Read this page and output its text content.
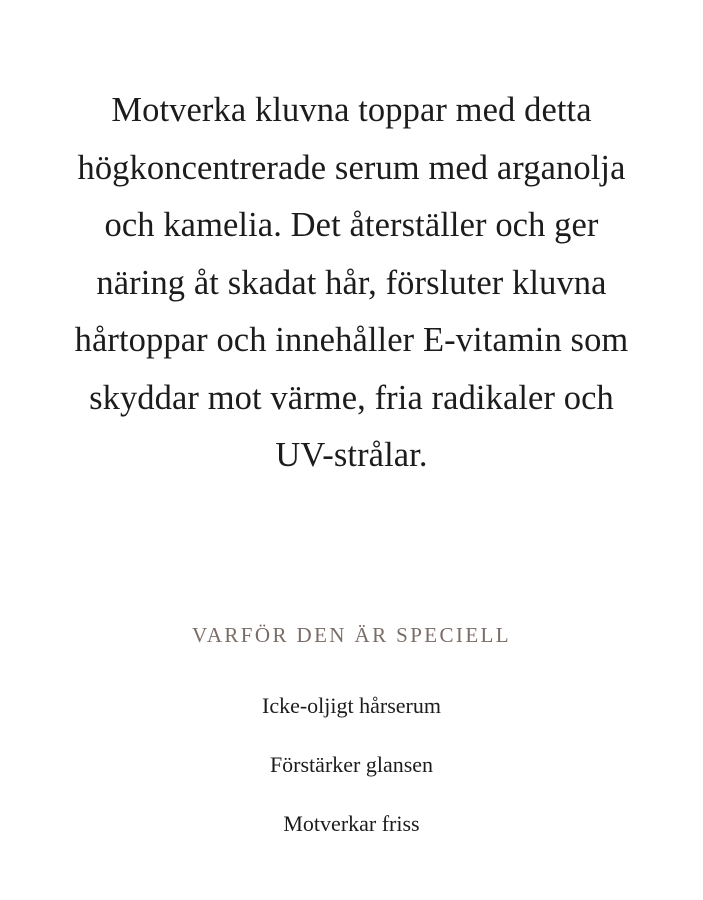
Motverka kluvna toppar med detta högkoncentrerade serum med arganolja och kamelia. Det återställer och ger näring åt skadat hår, försluter kluvna hårtoppar och innehåller E-vitamin som skyddar mot värme, fria radikaler och UV-strålar.

VARFÖR DEN ÄR SPECIELL
Icke-oljigt hårserum
Förstärker glansen
Motverkar friss
